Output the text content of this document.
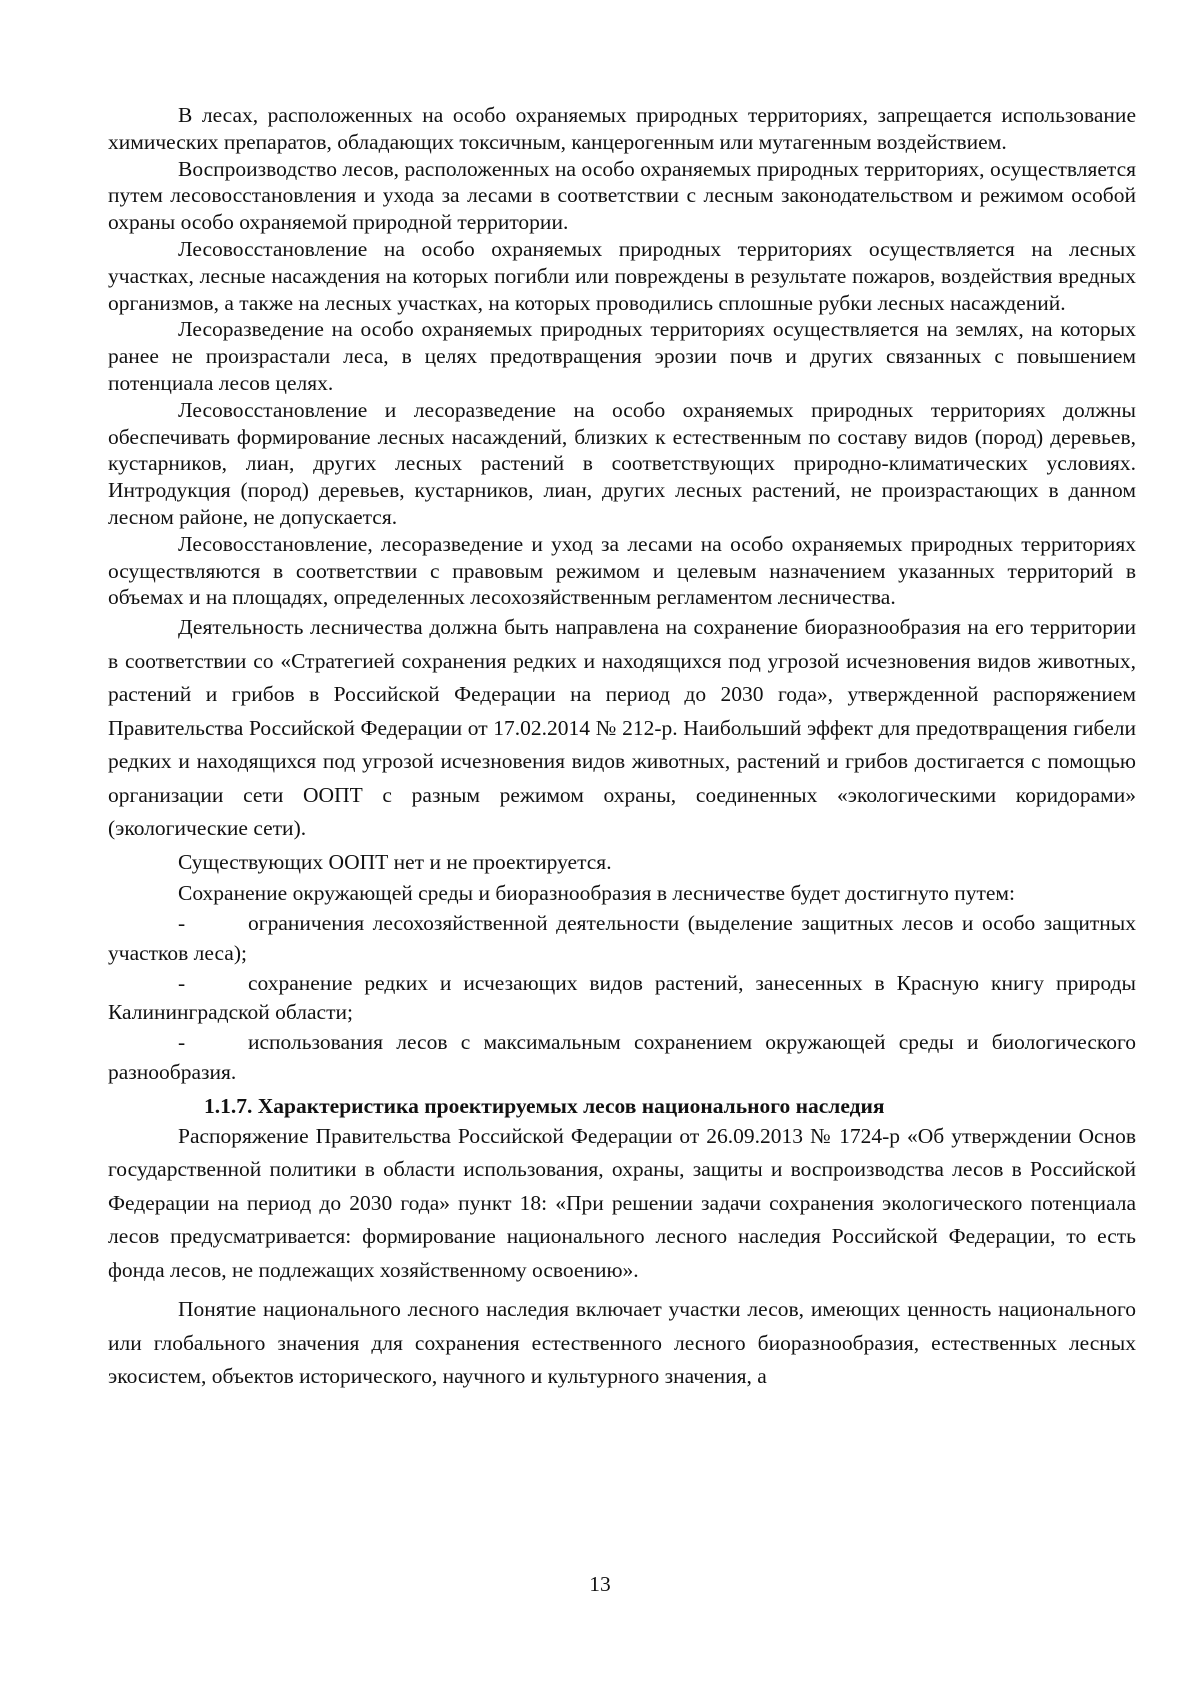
В лесах, расположенных на особо охраняемых природных территориях, запрещается использование химических препаратов, обладающих токсичным, канцерогенным или мутагенным воздействием.

Воспроизводство лесов, расположенных на особо охраняемых природных территориях, осуществляется путем лесовосстановления и ухода за лесами в соответствии с лесным законодательством и режимом особой охраны особо охраняемой природной территории.

Лесовосстановление на особо охраняемых природных территориях осуществляется на лесных участках, лесные насаждения на которых погибли или повреждены в результате пожаров, воздействия вредных организмов, а также на лесных участках, на которых проводились сплошные рубки лесных насаждений.

Лесоразведение на особо охраняемых природных территориях осуществляется на землях, на которых ранее не произрастали леса, в целях предотвращения эрозии почв и других связанных с повышением потенциала лесов целях.

Лесовосстановление и лесоразведение на особо охраняемых природных территориях должны обеспечивать формирование лесных насаждений, близких к естественным по составу видов (пород) деревьев, кустарников, лиан, других лесных растений в соответствующих природно-климатических условиях. Интродукция (пород) деревьев, кустарников, лиан, других лесных растений, не произрастающих в данном лесном районе, не допускается.

Лесовосстановление, лесоразведение и уход за лесами на особо охраняемых природных территориях осуществляются в соответствии с правовым режимом и целевым назначением указанных территорий в объемах и на площадях, определенных лесохозяйственным регламентом лесничества.

Деятельность лесничества должна быть направлена на сохранение биоразнообразия на его территории в соответствии со «Стратегией сохранения редких и находящихся под угрозой исчезновения видов животных, растений и грибов в Российской Федерации на период до 2030 года», утвержденной распоряжением Правительства Российской Федерации от 17.02.2014 № 212-р. Наибольший эффект для предотвращения гибели редких и находящихся под угрозой исчезновения видов животных, растений и грибов достигается с помощью организации сети ООПТ с разным режимом охраны, соединенных «экологическими коридорами» (экологические сети).

Существующих ООПТ нет и не проектируется.

Сохранение окружающей среды и биоразнообразия в лесничестве будет достигнуто путем:

-	ограничения лесохозяйственной деятельности (выделение защитных лесов и особо защитных участков леса);

-	сохранение редких и исчезающих видов растений, занесенных в Красную книгу природы Калининградской области;

-	использования лесов с максимальным сохранением окружающей среды и биологического разнообразия.

1.1.7. Характеристика проектируемых лесов национального наследия

Распоряжение Правительства Российской Федерации от 26.09.2013 № 1724-р «Об утверждении Основ государственной политики в области использования, охраны, защиты и воспроизводства лесов в Российской Федерации на период до 2030 года» пункт 18: «При решении задачи сохранения экологического потенциала лесов предусматривается: формирование национального лесного наследия Российской Федерации, то есть фонда лесов, не подлежащих хозяйственному освоению».

Понятие национального лесного наследия включает участки лесов, имеющих ценность национального или глобального значения для сохранения естественного лесного биоразнообразия, естественных лесных экосистем, объектов исторического, научного и культурного значения, а

13
